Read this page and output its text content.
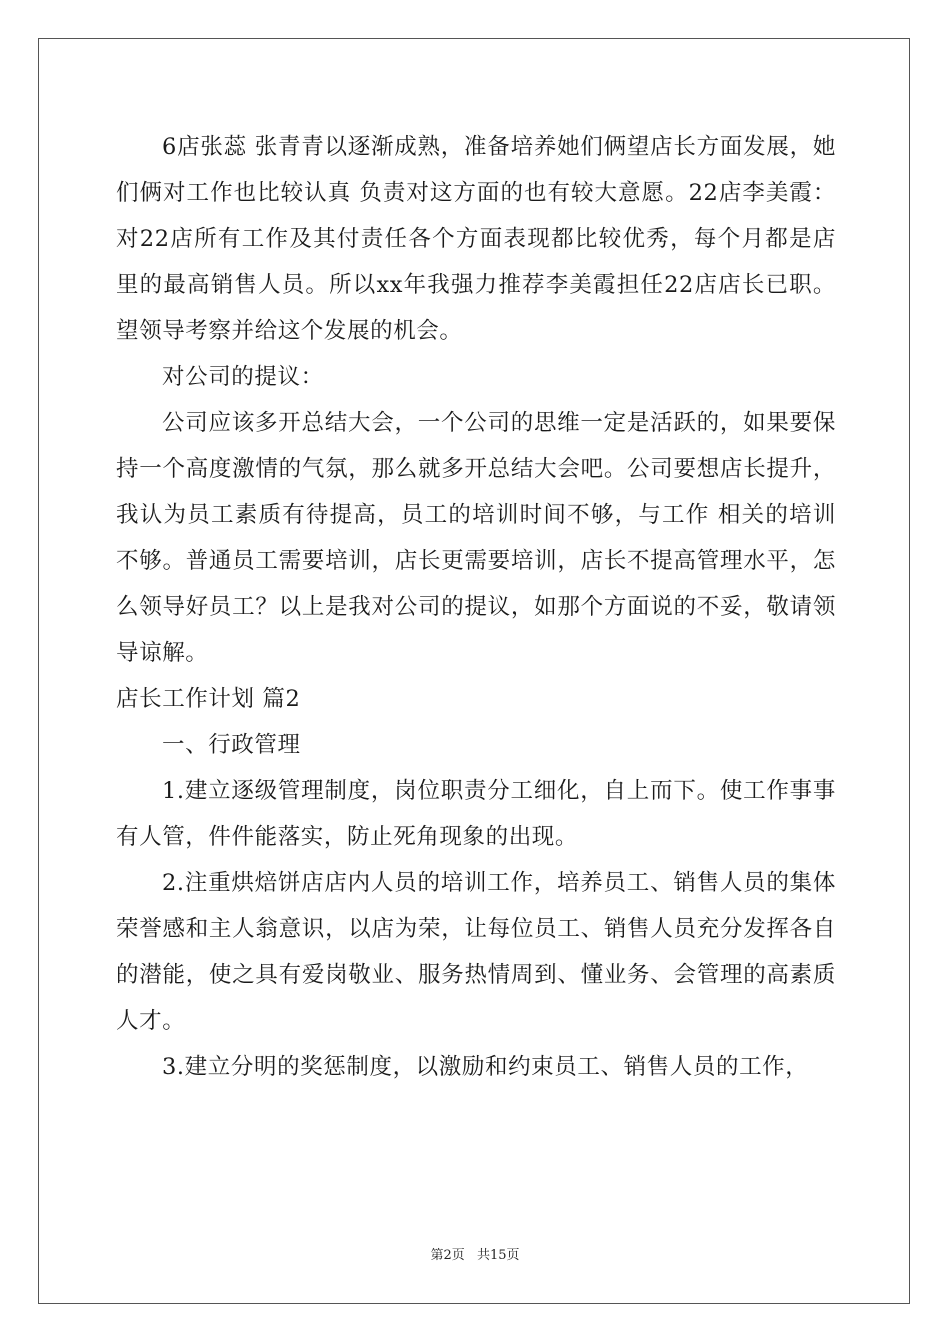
6店张蕊 张青青以逐渐成熟，准备培养她们俩望店长方面发展，她们俩对工作也比较认真 负责对这方面的也有较大意愿。22店李美霞：对22店所有工作及其付责任各个方面表现都比较优秀，每个月都是店里的最高销售人员。所以xx年我强力推荐李美霞担任22店店长已职。望领导考察并给这个发展的机会。

对公司的提议：

公司应该多开总结大会，一个公司的思维一定是活跃的，如果要保持一个高度激情的气氛，那么就多开总结大会吧。公司要想店长提升，我认为员工素质有待提高，员工的培训时间不够，与工作 相关的培训不够。普通员工需要培训，店长更需要培训，店长不提高管理水平，怎么领导好员工？以上是我对公司的提议，如那个方面说的不妥，敬请领导谅解。

店长工作计划 篇2

一、行政管理

1.建立逐级管理制度，岗位职责分工细化，自上而下。使工作事事有人管，件件能落实，防止死角现象的出现。

2.注重烘焙饼店店内人员的培训工作，培养员工、销售人员的集体荣誉感和主人翁意识，以店为荣，让每位员工、销售人员充分发挥各自的潜能，使之具有爱岗敬业、服务热情周到、懂业务、会管理的高素质人才。

3.建立分明的奖惩制度，以激励和约束员工、销售人员的工作，

第2页 共15页
